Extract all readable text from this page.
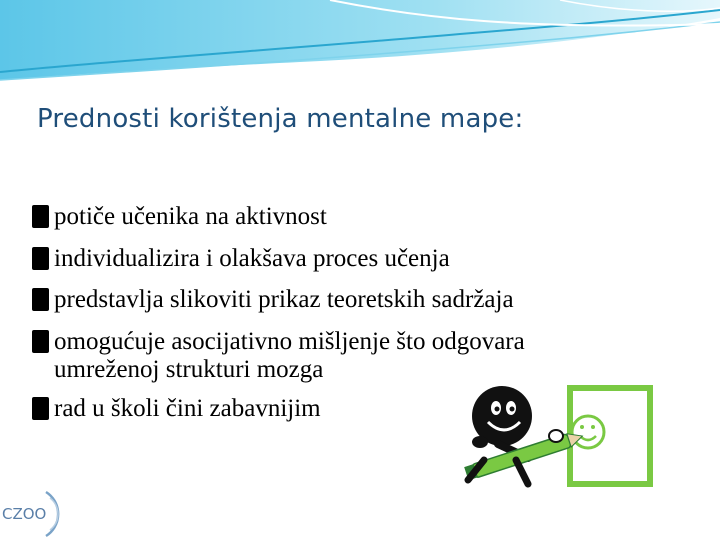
Prednosti korištenja mentalne mape:
potiče učenika na aktivnost
individualizira i olakšava proces učenja
predstavlja slikoviti prikaz teoretskih sadržaja
omogućuje asocijativno mišljenje što odgovara
umreženoj strukturi mozga
rad u školi čini zabavnijim
CZOO
